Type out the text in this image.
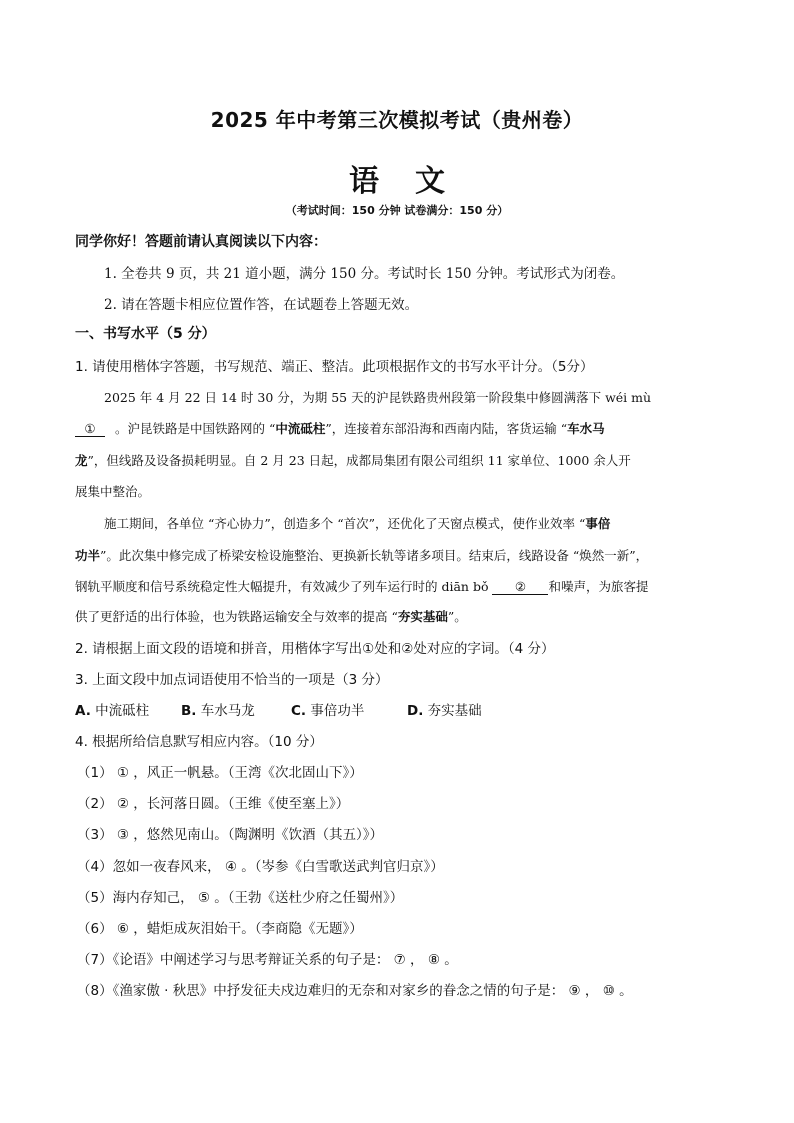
2025 年中考第三次模拟考试（贵州卷）
语 文
（考试时间：150 分钟 试卷满分：150 分）
同学你好！答题前请认真阅读以下内容：
1. 全卷共 9 页，共 21 道小题，满分 150 分。考试时长 150 分钟。考试形式为闭卷。
2. 请在答题卡相应位置作答，在试题卷上答题无效。
一、书写水平（5 分）
1. 请使用楷体字答题，书写规范、端正、整洁。此项根据作文的书写水平计分。（5分）
2025 年 4 月 22 日 14 时 30 分，为期 55 天的沪昆铁路贵州段第一阶段集中修圆满落下 wéi mù
① 。沪昆铁路是中国铁路网的 “中流砥柱”，连接着东部沿海和西南内陆，客货运输 “车水马
龙”，但线路及设备损耗明显。自 2 月 23 日起，成都局集团有限公司组织 11 家单位、1000 余人开
展集中整治。
施工期间，各单位 “齐心协力”，创造多个 “首次”，还优化了天窗点模式，使作业效率 “事倍
功半”。此次集中修完成了桥梁安检设施整治、更换新长轨等诸多项目。结束后，线路设备 “焕然一新”，
钢轨平顺度和信号系统稳定性大幅提升，有效减少了列车运行时的 diān bǒ ② 和噪声，为旅客提
供了更舒适的出行体验，也为铁路运输安全与效率的提高 “夯实基础”。
2. 请根据上面文段的语境和拼音，用楷体字写出①处和②处对应的字词。（4 分）
3. 上面文段中加点词语使用不恰当的一项是（3 分）
A. 中流砥柱 B. 车水马龙	C. 事倍功半	D. 夯实基础
4. 根据所给信息默写相应内容。（10 分）
（1） ① ，风正一帆悬。（王湾《次北固山下》）
（2） ② ，长河落日圆。（王维《使至塞上》）
（3） ③ ，悠然见南山。（陶渊明《饮酒（其五）》）
（4）忽如一夜春风来， ④ 。（岑参《白雪歌送武判官归京》）
（5）海内存知己， ⑤ 。（王勃《送杜少府之任蜀州》）
（6） ⑥ ，蜡炬成灰泪始干。（李商隐《无题》）
（7）《论语》中阐述学习与思考辩证关系的句子是： ⑦ ， ⑧ 。
（8）《渔家傲 · 秋思》中抒发征夫戍边难归的无奈和对家乡的眷念之情的句子是： ⑨ ， ⑩ 。
